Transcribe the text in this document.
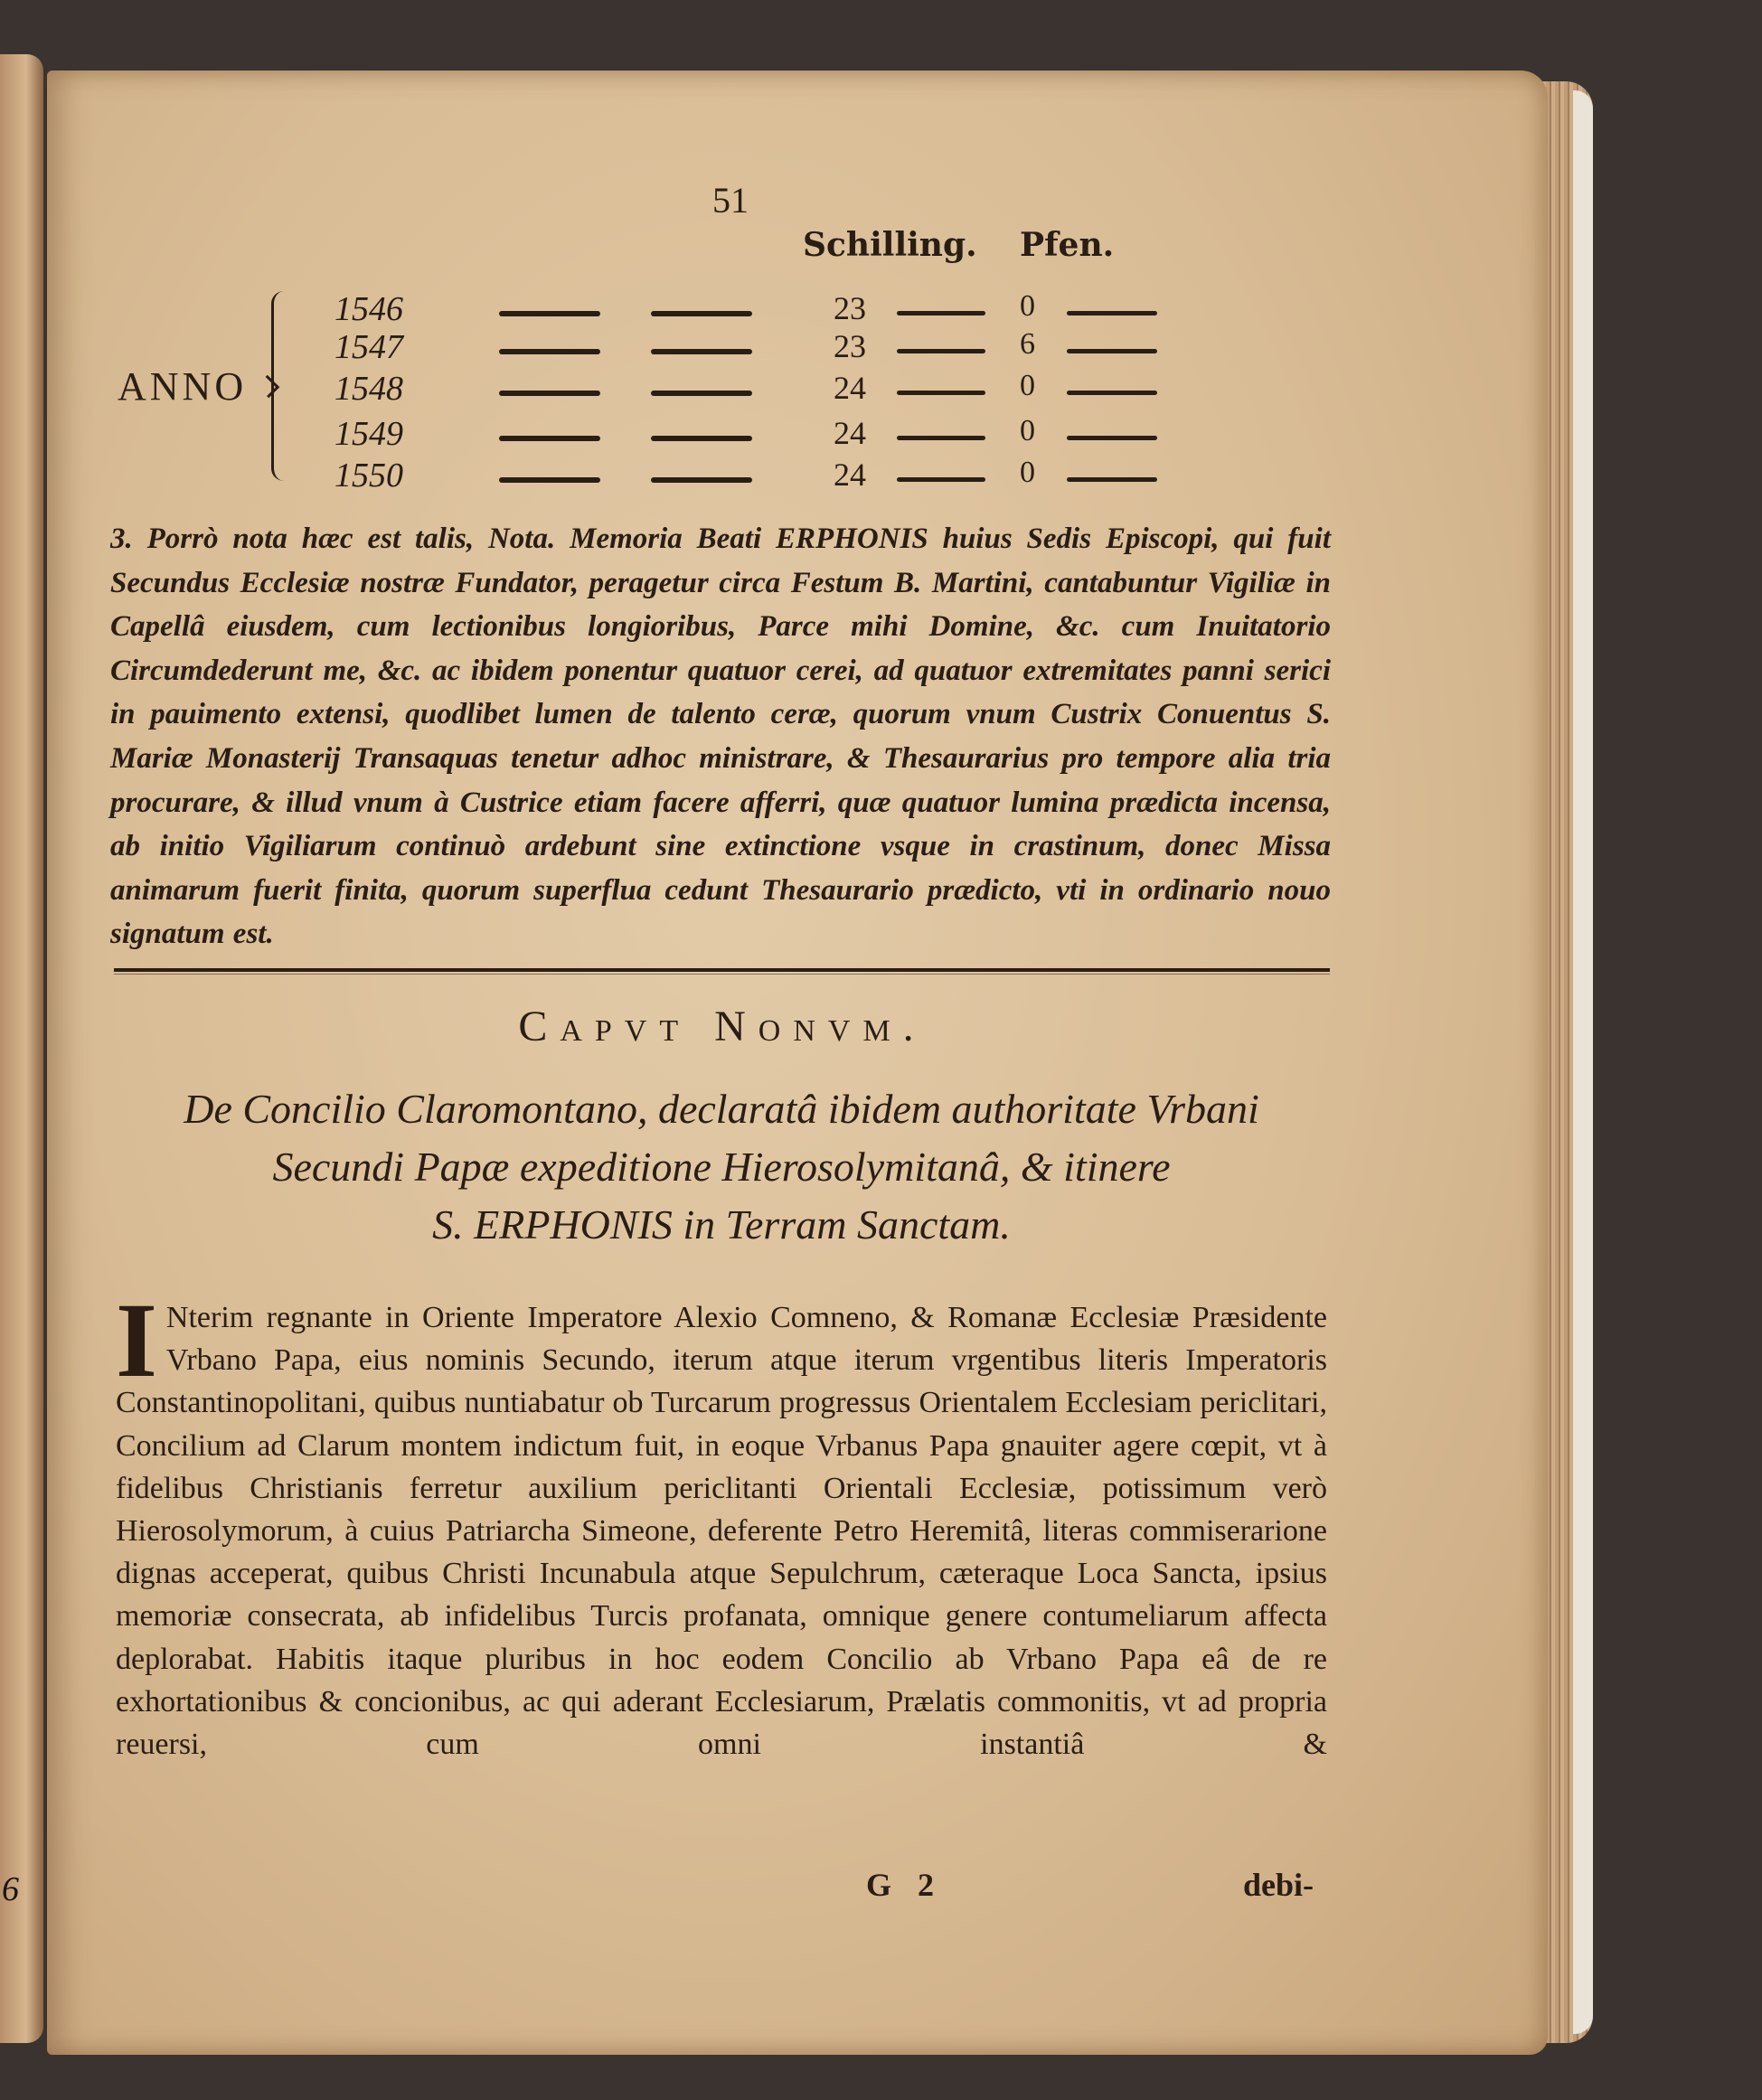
6
51
Schilling. Pfen.
ANNO
1546	23	0
1547	23	6
1548	24	0
1549	24	0
1550	24	0
3. Porrò nota hæc est talis, Nota. Memoria Beati ERPHONIS huius Sedis Episcopi, qui fuit Secundus Ecclesiæ nostræ Fundator, peragetur circa Festum B. Martini, cantabuntur Vigiliæ in Capellâ eiusdem, cum lectionibus longioribus, Parce mihi Domine, &c. cum Inuitatorio Circumdederunt me, &c. ac ibidem ponentur quatuor cerei, ad quatuor extremitates panni serici in pauimento extensi, quodlibet lumen de talento ceræ, quorum vnum Custrix Conuentus S. Mariæ Monasterij Transaquas tenetur adhoc ministrare, & Thesaurarius pro tempore alia tria procurare, & illud vnum à Custrice etiam facere afferri, quæ quatuor lumina prædicta incensa, ab initio Vigiliarum continuò ardebunt sine extinctione vsque in crastinum, donec Missa animarum fuerit finita, quorum superflua cedunt Thesaurario prædicto, vti in ordinario nouo signatum est.
Capvt Nonvm.
De Concilio Claromontano, declaratâ ibidem authoritate Vrbani
Secundi Papæ expeditione Hierosolymitanâ, & itinere
S. ERPHONIS in Terram Sanctam.
INterim regnante in Oriente Imperatore Alexio Comneno, & Romanæ Ecclesiæ Præsidente Vrbano Papa, eius nominis Secundo, iterum atque iterum vrgentibus literis Imperatoris Constantinopolitani, quibus nuntiabatur ob Turcarum progressus Orientalem Ecclesiam periclitari, Concilium ad Clarum montem indictum fuit, in eoque Vrbanus Papa gnauiter agere cœpit, vt à fidelibus Christianis ferretur auxilium periclitanti Orientali Ecclesiæ, potissimum verò Hierosolymorum, à cuius Patriarcha Simeone, deferente Petro Heremitâ, literas commiserarione dignas acceperat, quibus Christi Incunabula atque Sepulchrum, cæteraque Loca Sancta, ipsius memoriæ consecrata, ab infidelibus Turcis profanata, omnique genere contumeliarum affecta deplorabat. Habitis itaque pluribus in hoc eodem Concilio ab Vrbano Papa eâ de re exhortationibus & concionibus, ac qui aderant Ecclesiarum, Prælatis commonitis, vt ad propria reuersi, cum omni instantiâ &
G 2	debi-
